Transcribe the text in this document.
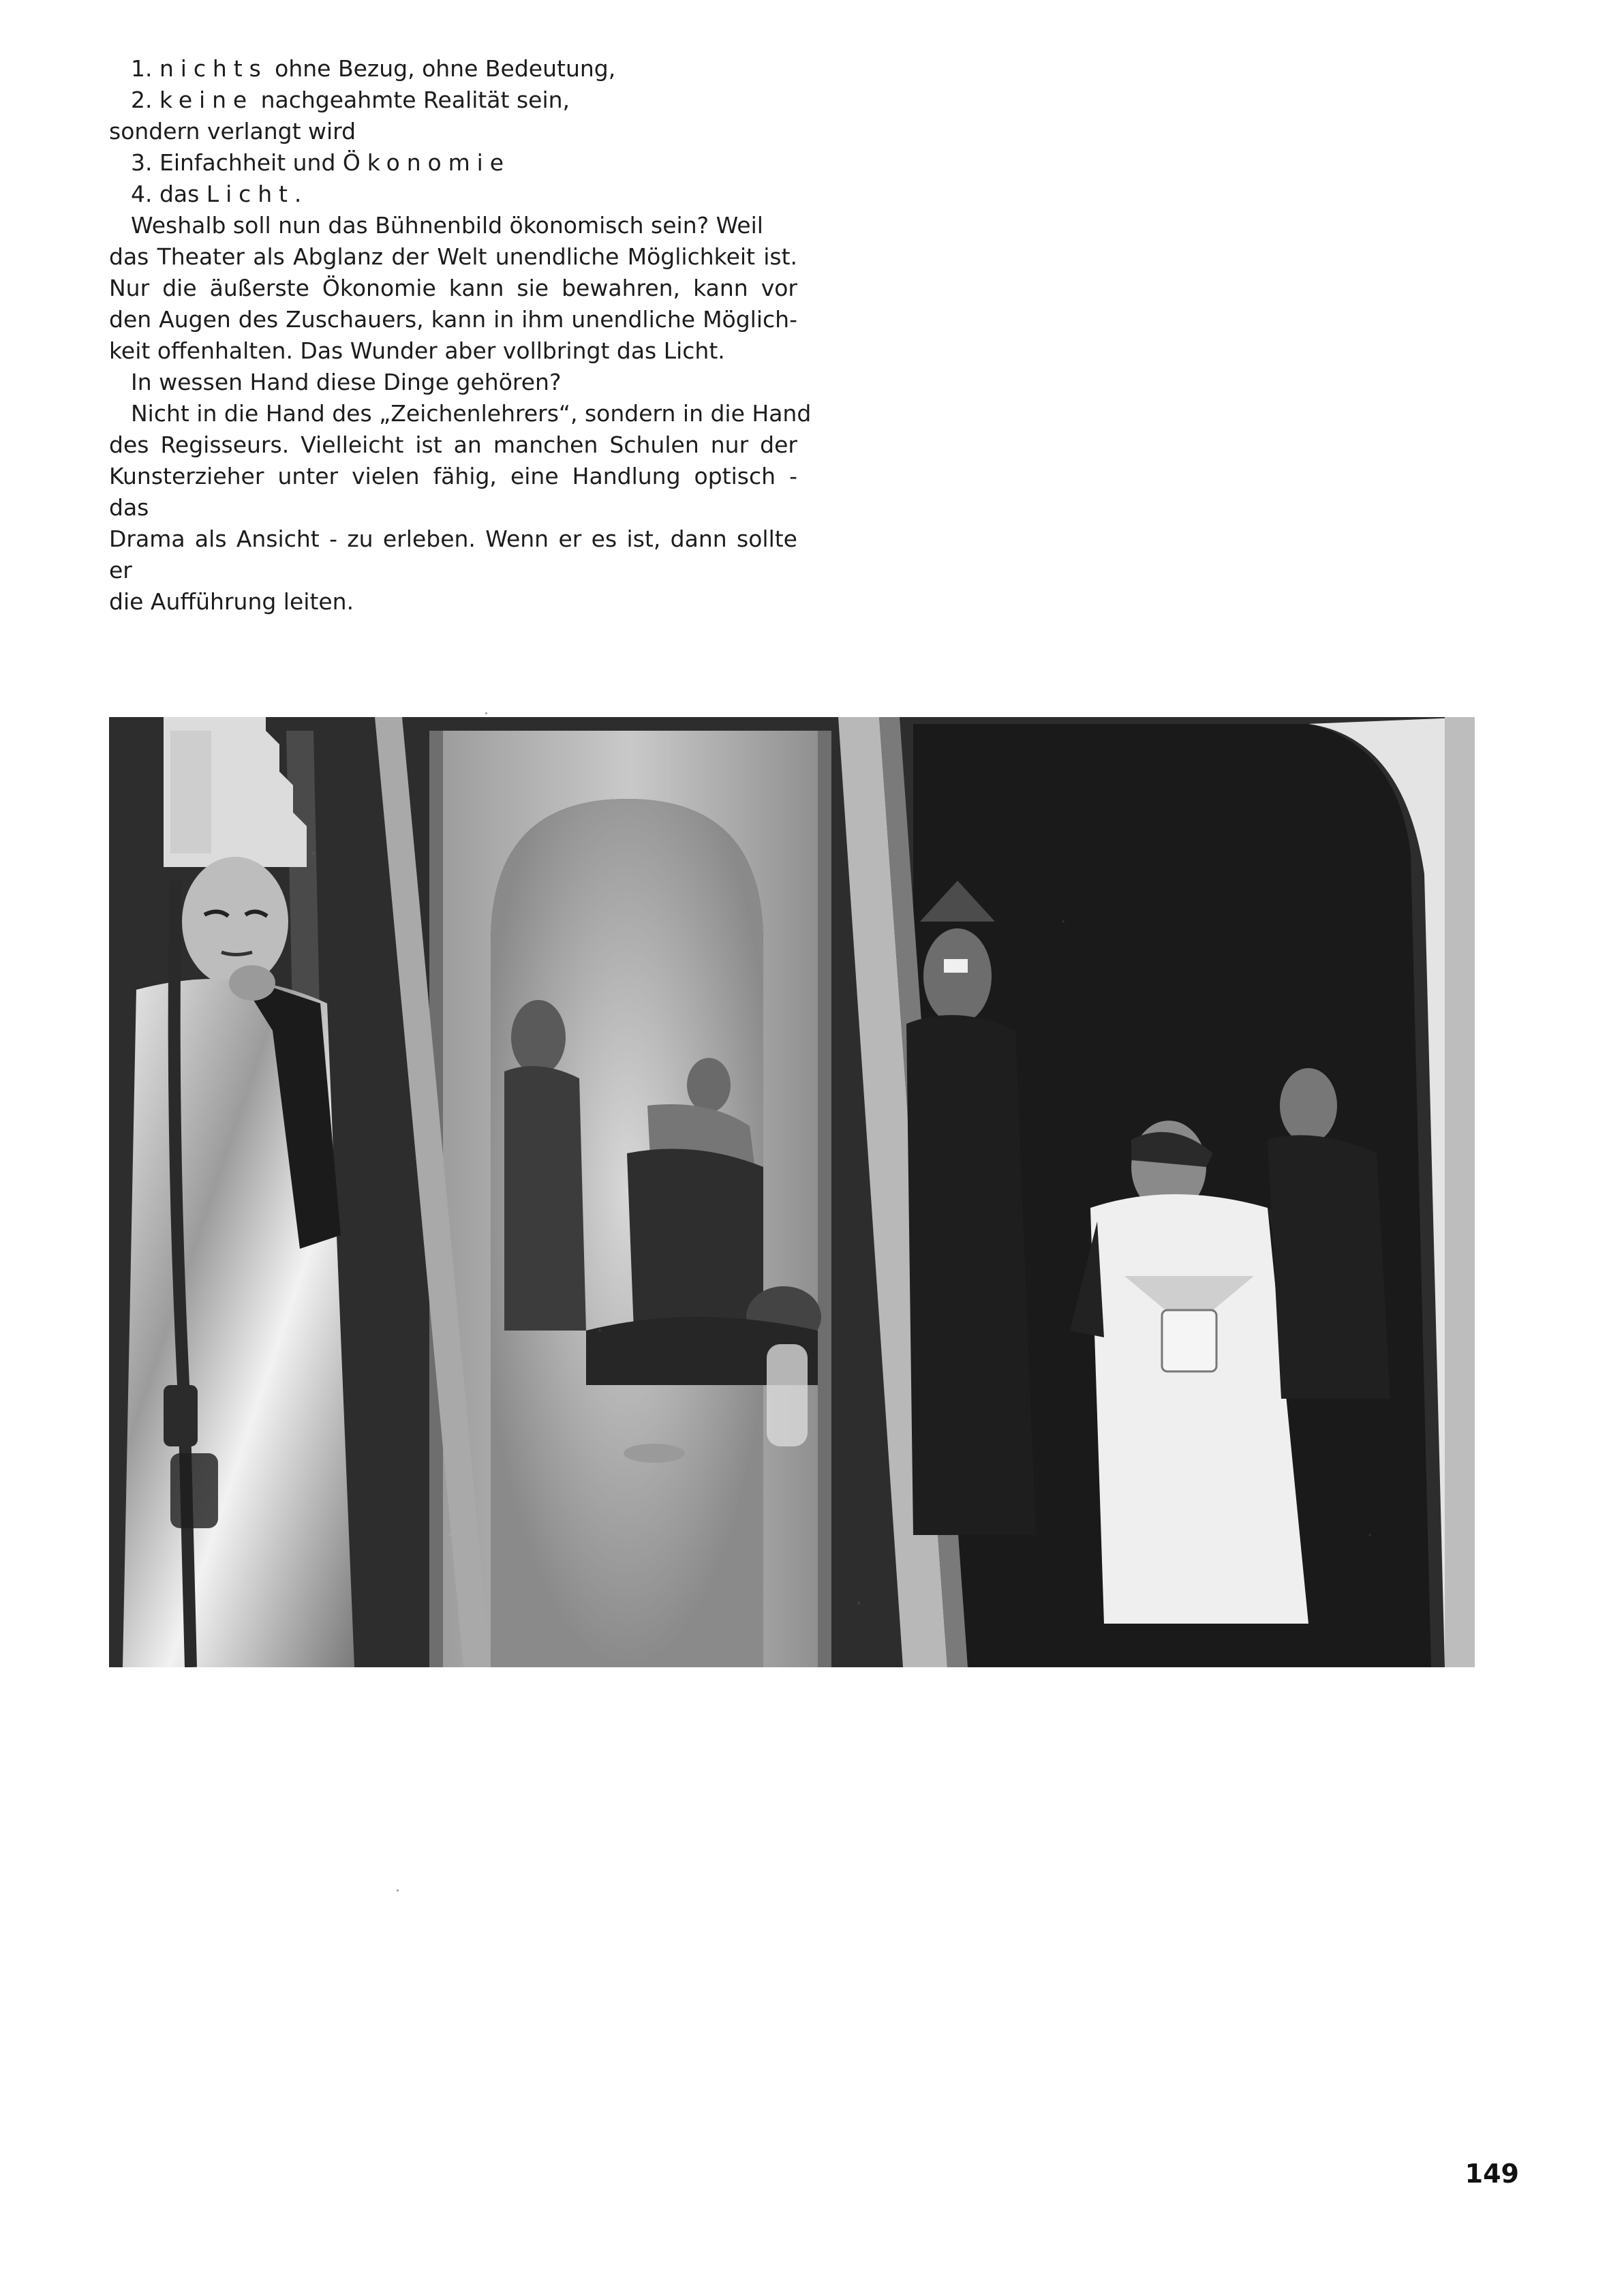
1. nichts ohne Bezug, ohne Bedeutung,
2. keine nachgeahmte Realität sein,
sondern verlangt wird
3. Einfachheit und Ökonomie
4. das Licht.
Weshalb soll nun das Bühnenbild ökonomisch sein? Weil
das Theater als Abglanz der Welt unendliche Möglichkeit ist.
Nur die äußerste Ökonomie kann sie bewahren, kann vor
den Augen des Zuschauers, kann in ihm unendliche Möglich-
keit offenhalten. Das Wunder aber vollbringt das Licht.
In wessen Hand diese Dinge gehören?
Nicht in die Hand des „Zeichenlehrers“, sondern in die Hand
des Regisseurs. Vielleicht ist an manchen Schulen nur der
Kunsterzieher unter vielen fähig, eine Handlung optisch - das
Drama als Ansicht - zu erleben. Wenn er es ist, dann sollte er
die Aufführung leiten.
149
